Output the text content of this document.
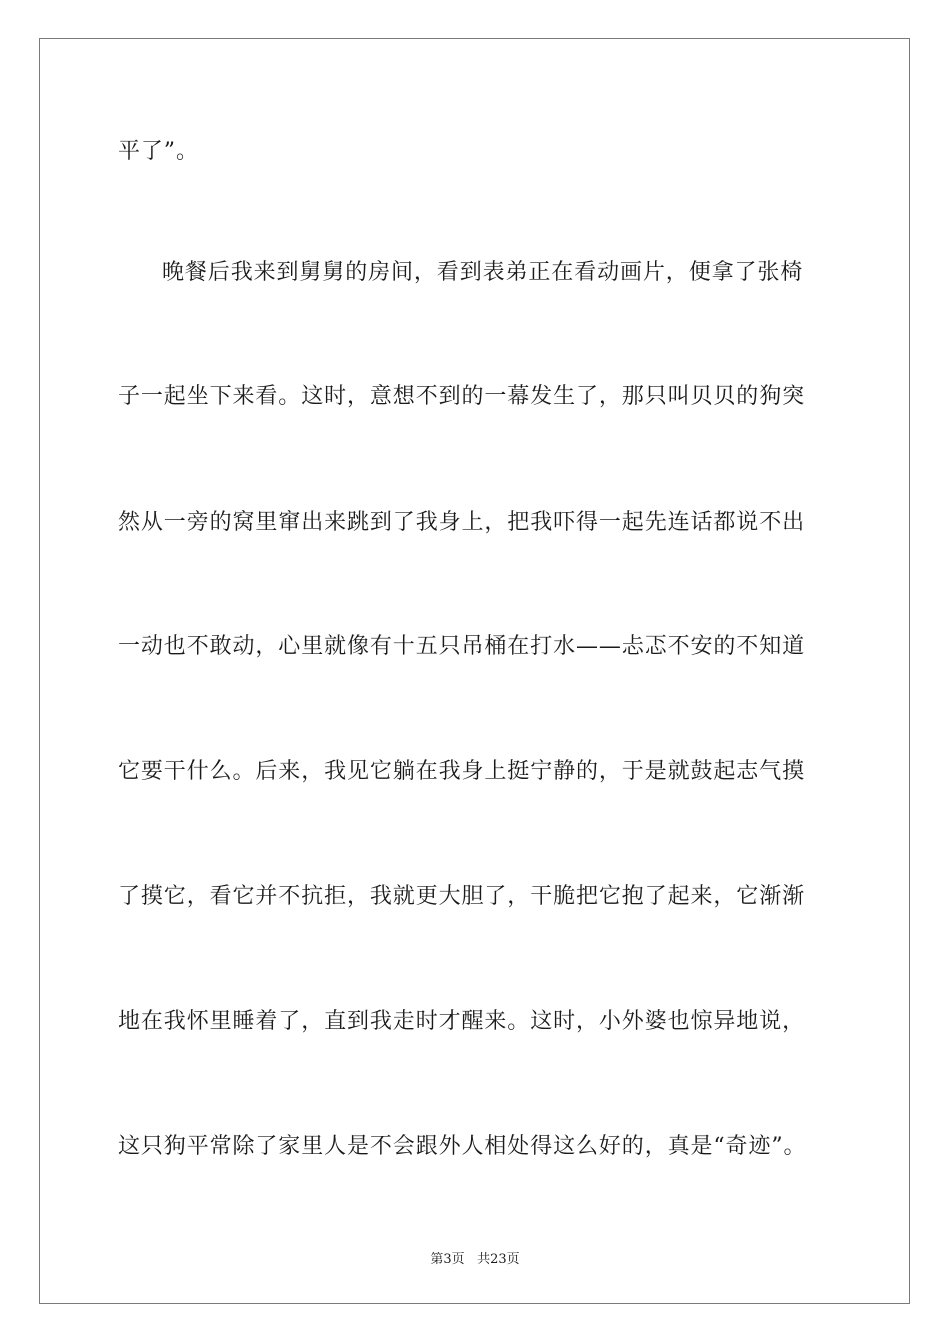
平了”。
晚餐后我来到舅舅的房间，看到表弟正在看动画片，便拿了张椅
子一起坐下来看。这时，意想不到的一幕发生了，那只叫贝贝的狗突
然从一旁的窝里窜出来跳到了我身上，把我吓得一起先连话都说不出
一动也不敢动，心里就像有十五只吊桶在打水——忐忑不安的不知道
它要干什么。后来，我见它躺在我身上挺宁静的，于是就鼓起志气摸
了摸它，看它并不抗拒，我就更大胆了，干脆把它抱了起来，它渐渐
地在我怀里睡着了，直到我走时才醒来。这时，小外婆也惊异地说，
这只狗平常除了家里人是不会跟外人相处得这么好的，真是“奇迹”。
第3页 共23页
